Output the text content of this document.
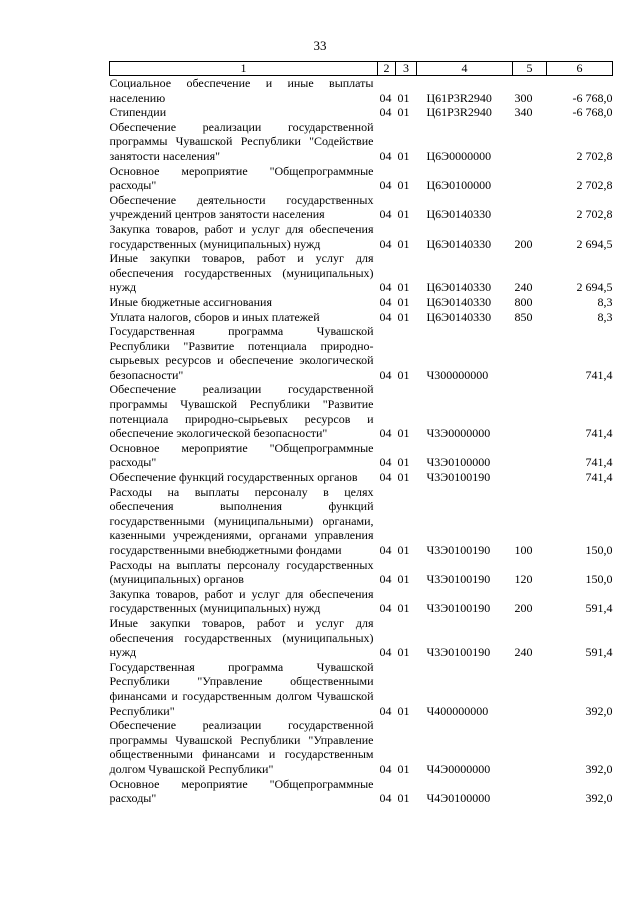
33
1	2	3	4	5	6
Социальное обеспечение и иные выплаты населению	04	01	Ц61P3R2940	300	-6 768,0
Стипендии	04	01	Ц61P3R2940	340	-6 768,0
Обеспечение реализации государственной программы Чувашской Республики "Содействие занятости населения"	04	01	Ц6Э0000000		2 702,8
Основное мероприятие "Общепрограммные расходы"	04	01	Ц6Э0100000		2 702,8
Обеспечение деятельности государственных учреждений центров занятости населения	04	01	Ц6Э0140330		2 702,8
Закупка товаров, работ и услуг для обеспечения государственных (муниципальных) нужд	04	01	Ц6Э0140330	200	2 694,5
Иные закупки товаров, работ и услуг для обеспечения государственных (муниципальных) нужд	04	01	Ц6Э0140330	240	2 694,5
Иные бюджетные ассигнования	04	01	Ц6Э0140330	800	8,3
Уплата налогов, сборов и иных платежей	04	01	Ц6Э0140330	850	8,3
Государственная программа Чувашской Республики "Развитие потенциала природно-сырьевых ресурсов и обеспечение экологической безопасности"	04	01	Ч300000000		741,4
Обеспечение реализации государственной программы Чувашской Республики "Развитие потенциала природно-сырьевых ресурсов и обеспечение экологической безопасности"	04	01	Ч3Э0000000		741,4
Основное мероприятие "Общепрограммные расходы"	04	01	Ч3Э0100000		741,4
Обеспечение функций государственных органов	04	01	Ч3Э0100190		741,4
Расходы на выплаты персоналу в целях обеспечения выполнения функций государственными (муниципальными) органами, казенными учреждениями, органами управления государственными внебюджетными фондами	04	01	Ч3Э0100190	100	150,0
Расходы на выплаты персоналу государственных (муниципальных) органов	04	01	Ч3Э0100190	120	150,0
Закупка товаров, работ и услуг для обеспечения государственных (муниципальных) нужд	04	01	Ч3Э0100190	200	591,4
Иные закупки товаров, работ и услуг для обеспечения государственных (муниципальных) нужд	04	01	Ч3Э0100190	240	591,4
Государственная программа Чувашской Республики "Управление общественными финансами и государственным долгом Чувашской Республики"	04	01	Ч400000000		392,0
Обеспечение реализации государственной программы Чувашской Республики "Управление общественными финансами и государственным долгом Чувашской Республики"	04	01	Ч4Э0000000		392,0
Основное мероприятие "Общепрограммные расходы"	04	01	Ч4Э0100000		392,0
